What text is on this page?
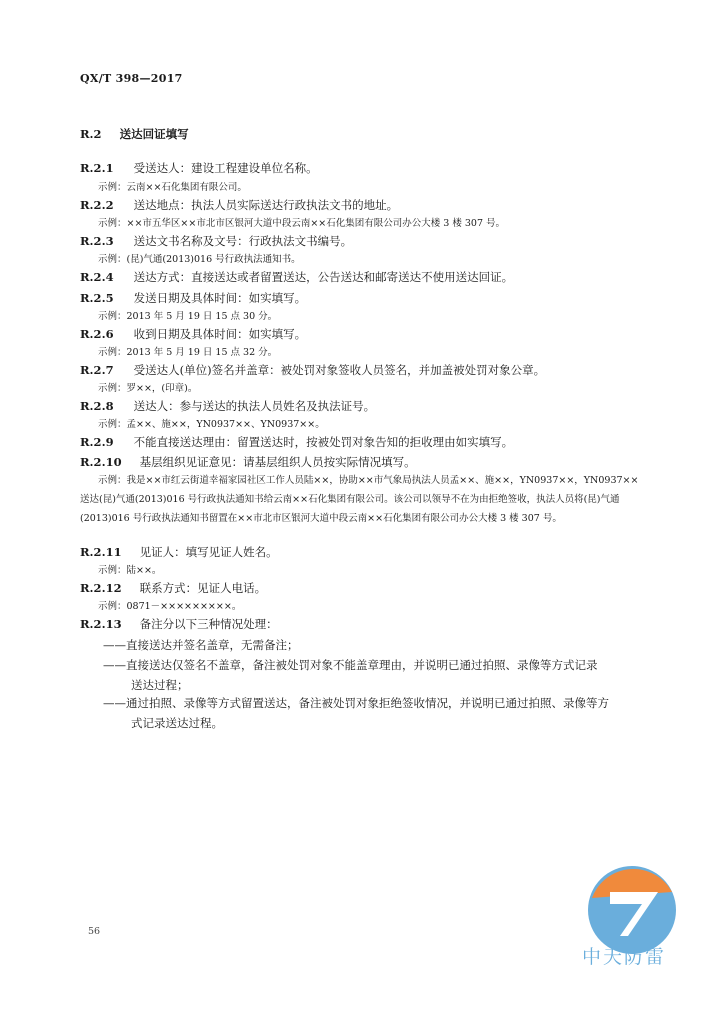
QX/T 398—2017
R.2 送达回证填写
R.2.1 受送达人：建设工程建设单位名称。
示例：云南××石化集团有限公司。
R.2.2 送达地点：执法人员实际送达行政执法文书的地址。
示例：××市五华区××市北市区银河大道中段云南××石化集团有限公司办公大楼 3 楼 307 号。
R.2.3 送达文书名称及文号：行政执法文书编号。
示例：(昆)气通(2013)016 号行政执法通知书。
R.2.4 送达方式：直接送达或者留置送达，公告送达和邮寄送达不使用送达回证。
R.2.5 发送日期及具体时间：如实填写。
示例：2013 年 5 月 19 日 15 点 30 分。
R.2.6 收到日期及具体时间：如实填写。
示例：2013 年 5 月 19 日 15 点 32 分。
R.2.7 受送达人(单位)签名并盖章：被处罚对象签收人员签名，并加盖被处罚对象公章。
示例：罗××，(印章)。
R.2.8 送达人：参与送达的执法人员姓名及执法证号。
示例：孟××、施××，YN0937××、YN0937××。
R.2.9 不能直接送达理由：留置送达时，按被处罚对象告知的拒收理由如实填写。
R.2.10 基层组织见证意见：请基层组织人员按实际情况填写。
示例：我是××市红云街道幸福家园社区工作人员陆××，协助××市气象局执法人员孟××、施××，YN0937××，YN0937××送达(昆)气通(2013)016 号行政执法通知书给云南××石化集团有限公司。该公司以领导不在为由拒绝签收，执法人员将(昆)气通(2013)016 号行政执法通知书留置在××市北市区银河大道中段云南××石化集团有限公司办公大楼 3 楼 307 号。
R.2.11 见证人：填写见证人姓名。
示例：陆××。
R.2.12 联系方式：见证人电话。
示例：0871－×××××××××。
R.2.13 备注分以下三种情况处理：
——直接送达并签名盖章，无需备注；
——直接送达仅签名不盖章，备注被处罚对象不能盖章理由，并说明已通过拍照、录像等方式记录
送达过程；
——通过拍照、录像等方式留置送达，备注被处罚对象拒绝签收情况，并说明已通过拍照、录像等方
式记录送达过程。
56
中天防雷
